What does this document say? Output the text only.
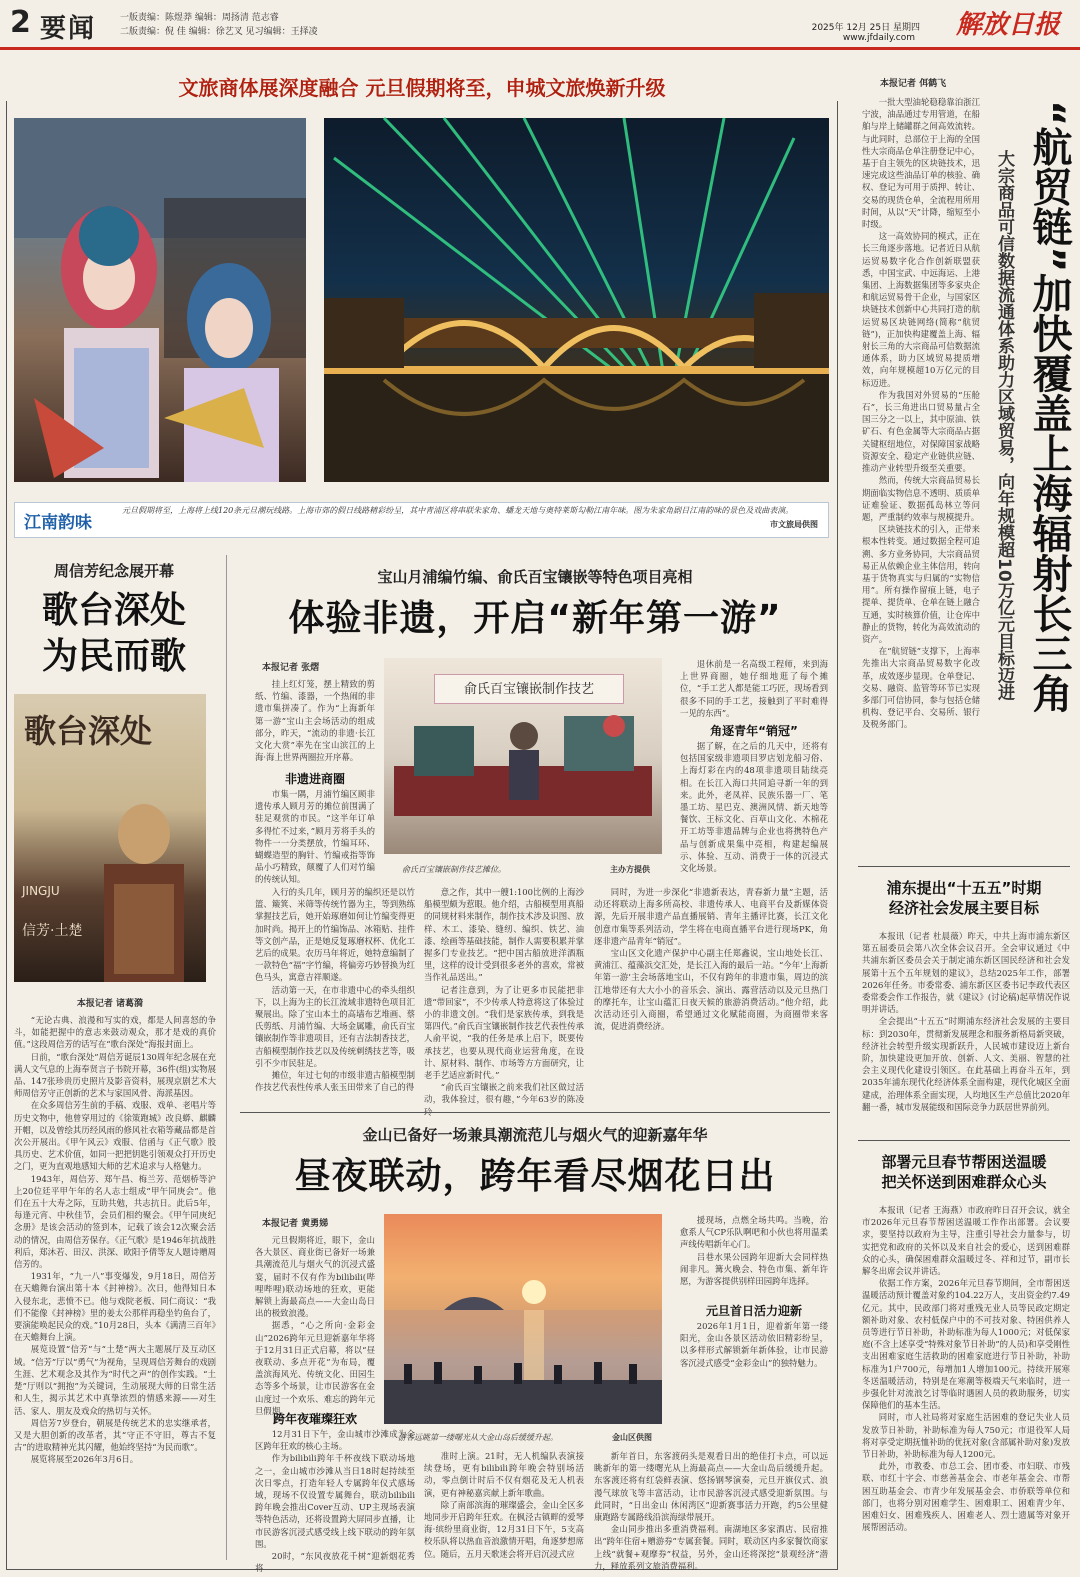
2 要闻	一版责编：陈煜莽 编辑：周扬清 范志睿
二版责编：倪 佳 编辑：徐艺叉 见习编辑：王择凌	2025年 12月 25日 星期四
www.jfdaily.com 解放日报
文旅商体展深度融合 元旦假期将至，申城文旅焕新升级
江南韵味
元旦假期将至，上海将上线120条元旦潮玩线路。上海市郊的假日线路精彩纷呈，其中青浦区将串联朱家角、蟠龙天地与奥特莱斯勾勒江南年味。图为朱家角剧目江南韵味的景色及戏曲表演。
市文旅局供图
周信芳纪念展开幕
歌台深处
为民而歌
歌台深处
JINGJU
信芳·土楚
本报记者 诸葛漪

“无论古典、浪漫和写实的戏，都是人间喜怒的争斗，如能把握中的意志来鼓动观众，那才是戏的真价值。”这段周信芳的话写在“歌台深处”海报封面上。

日前，“歌台深处”周信芳诞辰130周年纪念展在充满人文气息的上海奉贤言子书院开幕，36件(组)实物展品、147张珍贵历史照片及影音资料，展现京剧艺术大师周信芳守正创新的艺术与家国风骨、海派基因。

在众多周信芳生前的手稿、戏服、戏单、老唱片等历史文物中，他曾穿用过的《徐策跑城》改良蟒、麒麟开帽，以及曾绘其历经风雨的修风社衣箱等藏品都是首次公开展出。《甲午风云》戏服、信函与《正气歌》股具历史、艺术价值，如同一把把钥匙引领观众打开历史之门，更为直观地感知大师的艺术追求与人格魅力。

1943年，周信芳、郑午昌、梅兰芳、范烟桥等沪上20位廷平甲午年的名人志士组成“甲午同庚会”。他们在五十大寿之际，互助共勉，共志抗日。此后5年，每逢元宵、中秋佳节，会员们相约聚会。《甲午同庚纪念册》是该会活动的签到本，记载了该会12次聚会活动的情况，由周信芳保存。《正气歌》是1946年抗战胜利后，郑沐若、田汉、洪深、欧阳予倩等友人题诗赠周信芳的。

1931年，“九一八”事变爆发，9月18日，周信芳在天蟾舞台演出第十本《封神榜》。次日，他得知日本入侵东北，悲愤不已。他与戏院老板、同仁商议：“我们不能像《封神榜》里的姜太公那样再稳坐钓鱼台了，要演能唤起民众的戏。”10月28日，头本《满清三百年》在天蟾舞台上演。

展览设置“信芳”与“土楚”两大主题展厅及互动区域。“信芳”厅以“勇气”为视角，呈现周信芳舞台的戏剧生涯、艺术观念及其作为“时代之声”的创作实践。“土楚”厅则以“拥抱”为关键词，生动展现大师的日常生活和人生，揭示其艺术中真挚浓烈的情感来源——对生活、家人、朋友及戏众的热切与关怀。

周信芳7岁登台，朝展是传统艺术的忠实继承者，又是大胆创新的改革者，其“守正不守旧，尊古不复古”的进取精神光其闪耀，他始终坚持“为民而歌”。

展览将展至2026年3月6日。

宝山月浦编竹编、俞氏百宝镶嵌等特色项目亮相
体验非遗，开启“新年第一游”
本报记者 张熠

挂上红灯笼，摆上精致的剪纸、竹编、漆器，一个热闹的非遗市集拼凑了。作为“上海新年第一游”宝山主会场活动的组成部分，昨天，“流动的非遗·长江文化大赏”率先在宝山滨江的上海·海上世界两圈拉开序幕。

非遗进商圈

市集一隅，月浦竹编区顾非遗传承人顾月芳的摊位前围满了驻足观赏的市民。“这半年订单多得忙不过来，”顾月芳将手头的物件一一分类摆放，竹编耳环、蝴蝶造型的胸针、竹编戒指等饰品小巧精致，颠覆了人们对竹编的传统认知。

俞氏百宝镶嵌制作技艺
俞氏百宝镶嵌制作技艺摊位。	主办方提供

入行的头几年，顾月芳的编织还是以竹篮、簸箕、米筛等传统竹器为主，等到熟练掌握技艺后，她开始琢磨如何让竹编变得更加时尚。揭开上的竹编饰品、冰箱贴、挂件等文创产品，正是她反复琢磨权杯、优化工艺后的成果。农历马年将近，她特意编制了一款特色“福”字竹编，将偏旁巧妙替换为红色马头，寓意吉祥顺遂。

活动第一天，在市非遗中心的牵头组织下，以上海为主的长江流域非遗特色项目汇聚展出。除了宝山本土的高墙布艺堆画、蔡氏剪纸、月浦竹编、大场金属雕，俞氏百宝镶嵌制作等非遗项目，还有吉法制香技艺，吉船模型制作技艺以及传统刺绣技艺等，吸引不少市民驻足。

摊位，年过七旬的市级非遗古船模型制作技艺代表性传承人张玉田带来了自己的得

意之作，其中一艘1:100比例的上海沙船模型颇为惹眼。他介绍，古船模型用真船的同规材料来制作，制作技术涉及识图、放样、木工、漆染、缝纫、编织、铁艺、油漆、绘画等基础技能，制作人需要积累并掌握多门专业技艺。“把中国古船放进洋酒瓶里，这样的设计受到很多老外的喜欢，常被当作礼品送出。”

记者注意到，为了让更多市民能把非遗“带回家”，不少传承人特意将这了体验过小的非遗文创。“我们是家族传承，到我是第四代。”俞氏百宝镶嵌制作技艺代表性传承人俞平说，“我的任务是承上启下，既要传承技艺，也要从现代商业运营角度，在设计、原材料、制作、市场等方方面研究，让老手艺适应新时代。”

“俞氏百宝镶嵌之前来我们社区做过活动，我体验过，很有趣，”今年63岁的陈凌

退休前是一名高级工程师，来到海上世界商圈，她仔细地逛了每个摊位，“手工艺人都是能工巧匠，现场看到很多不同的手工艺，接触到了平时难得一见的东西”。

角逐青年“销冠”

据了解，在之后的几天中，还将有包括国家级非遗项目罗店划龙船习俗、上海灯彩在内的48项非遗项目陆续亮相。在长江入海口共同追寻新一年的到来。此外，老凤祥、民族乐器一厂、笔墨工坊、星巴克、澳洲风情、新天地等餐饮、王标文化、百草山文化、木棉花开工坊等非遗品牌与企业也将携特色产品与创新成果集中亮相，构建起编展示、体验、互动、消费于一体的沉浸式文化场景。

同时，为进一步深化“非遗新表达，青春新力量”主题，活动还将联动上海多所高校、非遗传承人、电商平台及新媒体资源，先后开展非遗产品直播展销、青年主播评比赛，长江文化创意市集等系列活动，学生将在电商直播平台进行现场PK，角逐非遗产品青年“销冠”。

宝山区文化遗产保护中心副主任郑鑫说，宝山地处长江、黄浦江、蕴藻浜交汇处，是长江入海的最后一站。“今年‘上海新年第一游’主会场落地宝山，不仅有跨年的非遗市集，周边的滨江地带还有大大小小的音乐会、演出、露营活动以及元旦热门的摩托车，让宝山蕴汇日夜天候的旅游消费活动。”他介绍，此次活动还引入商圈，希望通过文化赋能商圈，为商圈带来客流，促进消费经济。

金山已备好一场兼具潮流范儿与烟火气的迎新嘉年华
昼夜联动，跨年看尽烟花日出
本报记者 黄勇娣

元旦假期将近，眼下，金山各大景区、商业街已备好一场兼具潮流范儿与烟火气的沉浸式盛宴，届时不仅有作为bilibili(哔哩哔哩)联动场地的狂欢，更能解锁上海最高点——大金山岛日出的极致浪漫。

据悉，“心之所向·金彩金山”2026跨年元旦迎新嘉年华将于12月31日正式启幕，将以“昼夜联动、多点开花”为布局，覆盖滨海风光、传统文化、田园生态等多个场景，让市民游客在金山度过一个欢乐、难忘的跨年元旦假期。

跨年夜璀璨狂欢

12月31日下午，金山城市沙滩成为全区跨年狂欢的核心主场。

作为bilibili跨年千杯夜线下联动场地之一，金山城市沙滩从当日18时起持续至次日零点，打造年轻人专属跨年仪式感场域，现场不仅设置专属舞台，联动bilibili跨年晚会推出Cover互动、UP主现场表演等特色活动，还将设置跨大屏同步直播，让市民游客沉浸式感受线上线下联动的跨年氛围。

20时，“东风夜放花千树”迎新烟花秀将

游客远眺第一缕曙光从大金山岛后缓缓升起。	金山区供图

准时上演。21时，无人机编队表演接续登场，更有bilibili跨年晚会特别场活动，零点倒计时后不仅有烟花及无人机表演，更有神秘嘉宾献上新年歌曲。

除了南部滨海的璀璨盛会，金山全区多地同步开启跨年狂欢。在枫泾古镇畔的爱琴海·缤纷里商业街，12月31日下午，5支高校乐队将以热血音浪激情开唱，角逐梦想席位。随后，五月天歌迷会将开启沉浸式应

援现场，点燃全场共鸣。当晚，治愈系人气CP乐队啊吧和小伙也将用温柔声线传唱新年心门。

吕巷水果公园跨年迎新大会同样热闹非凡。篝火晚会、特色市集、新年许愿，为游客提供别样田园跨年选择。

元旦首日活力迎新

2026年1月1日，迎着新年第一缕阳光，金山各景区活动依旧精彩纷呈，以多样形式解锁新年新体验，让市民游客沉浸式感受“金彩金山”的独特魅力。

新年首日，东客渡码头是观看日出的绝佳打卡点，可以远眺新年的第一缕曙光从上海最高点——大金山岛后缓缓升起。东客渡还将有红袋鲜表演、悠扬钢琴演奏，元旦开旗仪式、浪漫气球放飞等丰富活动，让市民游客沉浸式感受迎新氛围。与此同时，“日出金山 休闲湾区”迎新赛事活力开跑，约5公里健康跑路专属路线沿滨海绿带展开。

金山同步推出多重消费福利。南湖地区多家酒店、民宿推出“跨年住宿+赠游券”专属套餐。同时，联动区内多家餐饮商家上线“就餐+观摩券”权益，另外，金山还将深挖“景观经济”潜力，释放系列文旅消费福利。

本报记者 佴鹤飞

一批大型油轮稳稳靠泊浙江宁波，油品通过专用管道，在船舶与岸上储罐群之间高效流转。与此同时，总部位于上海的全国性大宗商品仓单注册登记中心，基于自主领先的区块链技术，迅速完成这些油品订单的核验、确权、登记为可用于质押、转让、交易的现货仓单，全流程用所用时间，从以“天”计降，缩短至小时级。

这一高效协同的模式，正在长三角逐步落地。记者近日从航运贸易数字化合作创新联盟获悉，中国宝武、中远海运、上港集团、上海数据集团等多家央企和航运贸易骨干企业，与国家区块链技术创新中心共同打造的航运贸易区块链网络(简称“航贸链”)，正加快构建覆盖上海、辐射长三角的大宗商品可信数据流通体系，助力区域贸易提质增效，向年规模超10万亿元的目标迈进。

作为我国对外贸易的“压舱石”，长三角进出口贸易量占全国三分之一以上，其中原油、铁矿石、有色金属等大宗商品占据关键枢纽地位，对保障国家战略资源安全、稳定产业链供应链、推动产业转型升级至关重要。

然而，传统大宗商品贸易长期面临实物信息不透明、质质单证难验证、数据孤岛林立等问题，严重制约效率与规模提升。

区块链技术的引入，正带来根本性转变。通过数据全程可追溯、多方业务协同，大宗商品贸易正从依赖企业主体信用，转向基于货物真实与归属的“实物信用”。所有操作留痕上链，电子提单、提货单、仓单在链上融合互通，实时核算价值，让仓库中静止的货物，转化为高效流动的资产。

在“航贸链”支撑下，上海率先推出大宗商品贸易数字化改革，成效逐步显现。仓单登记、交易、融资、监管等环节已实现多部门可信协同，参与包括仓储机构、登记平台、交易所、银行及税务部门。

“航贸链”加快覆盖上海辐射长三角
大宗商品可信数据流通体系助力区域贸易，向年规模超10万亿元目标迈进
浦东提出“十五五”时期
经济社会发展主要目标

本报讯（记者 杜晨薇）昨天，中共上海市浦东新区第五届委员会第八次全体会议召开。全会审议通过《中共浦东新区委员会关于制定浦东新区国民经济和社会发展第十五个五年规划的建议》，总结2025年工作，部署2026年任务。市委常委、浦东新区区委书记李政代表区委常委会作工作报告，就《建议》(讨论稿)起草情况作说明并讲话。

全会提出“十五五”时期浦东经济社会发展的主要目标：到2030年，贯彻新发展理念和服务新格局新突破，经济社会转型升级实现新跃升，人民城市建设迈上新台阶，加快建设更加开放、创新、人文、美丽、智慧的社会主义现代化建设引领区。在此基础上再奋斗五年，到2035年浦东现代化经济体系全面构建，现代化城区全面建成，治理体系全面实现，人均地区生产总值比2020年翻一番，城市发展能级和国际竞争力跃居世界前列。

部署元旦春节帮困送温暖
把关怀送到困难群众心头

本报讯（记者 王海燕）市政府昨日召开会议，就全市2026年元旦春节帮困送温暖工作作出部署。会议要求，要坚持以政府为主导，注重引导社会力量参与，切实把党和政府的关怀以及来自社会的爱心，送到困难群众的心头，确保困难群众温暖过冬、祥和过节，副市长解冬出席会议并讲话。

依据工作方案，2026年元旦春节期间，全市帮困送温暖活动预计覆盖对象约104.22万人，支出资金约7.49亿元。其中，民政部门将对重残无业人员等民政定期定额补助对象、农村低保户中的不可技对象、特困供养人员等进行节日补助，补助标准为每人1000元；对低保家庭(不含上述享受“特殊对象节日补助”的人员)和享受刚性支出困难家庭生活救助的困难家庭进行节日补助，补助标准为1户700元，每增加1人增加100元。持续开展寒冬送温暖活动，特别是在寒潮等极端天气来临时，进一步强化针对流浪乞讨等临时遇困人员的救助服务，切实保障他们的基本生活。

同时，市人社局将对家庭生活困难的登记失业人员发放节日补助，补助标准为每人750元；市退役军人局将对享受定期抚恤补助的优抚对象(含部属补助对象)发放节日补助，补助标准为每人1200元。

此外，市教委、市总工会、团市委、市妇联、市残联、市红十字会、市慈善基金会、市老年基金会、市帮困互助基金会、市青少年发展基金会、市侨联等单位和部门，也将分别对困难学生、困难职工、困难青少年、困难妇女、困难残疾人、困难老人、烈士遗属等对象开展帮困活动。
